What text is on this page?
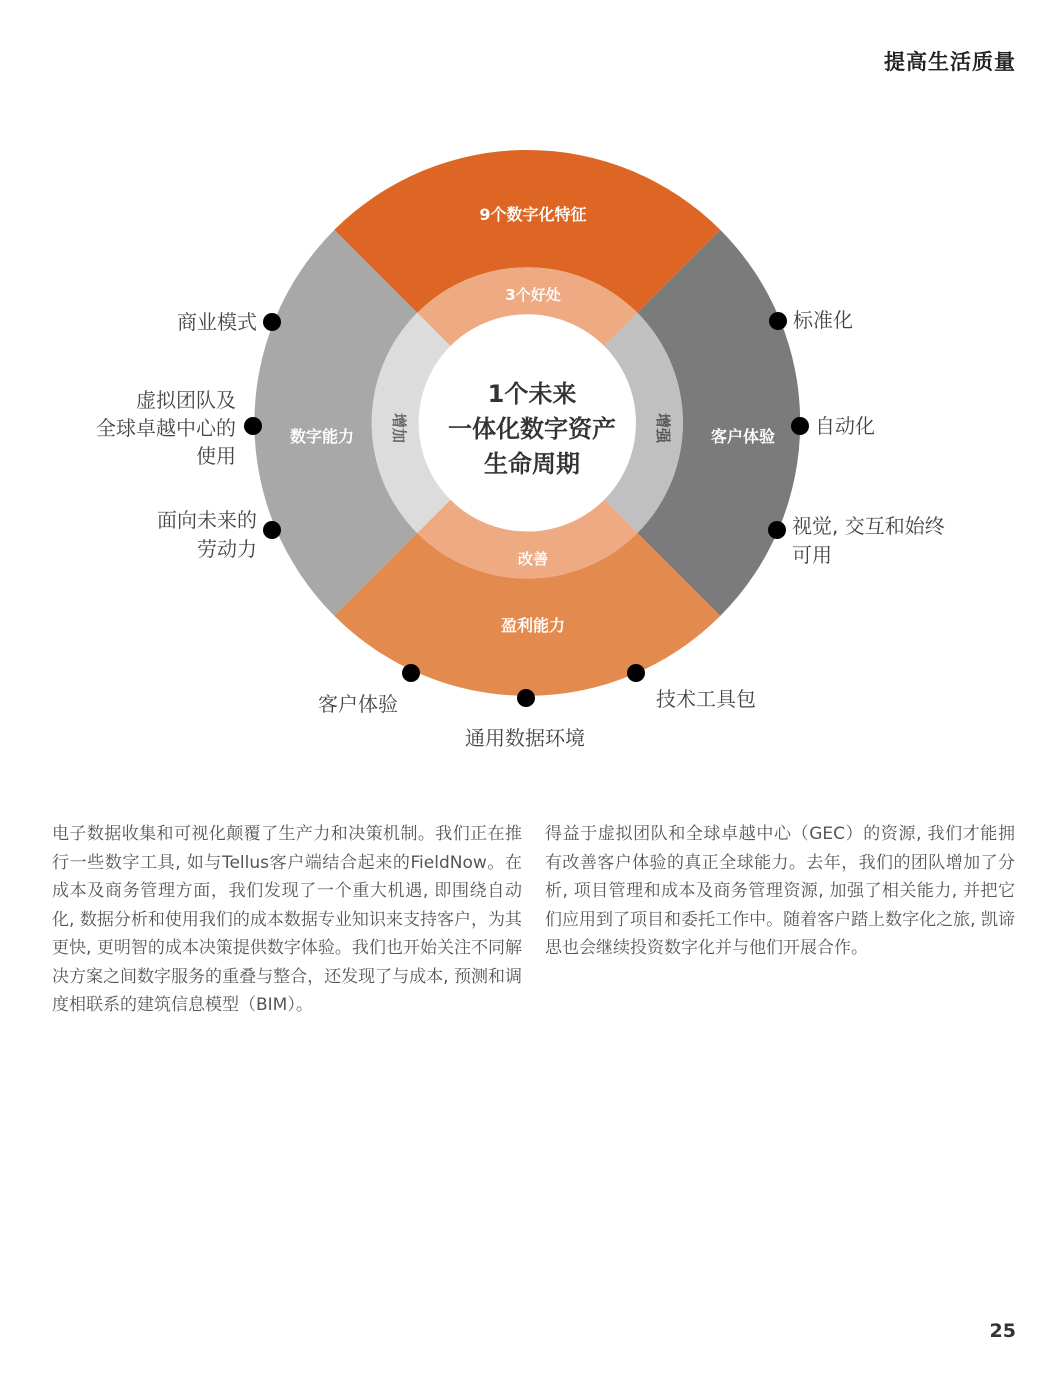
提高生活质量
1个未来
一体化数字资产
生命周期
9个数字化特征
盈利能力
数字能力	客户体验
3个好处
改善
增加	增强
商业模式
虚拟团队及
全球卓越中心的
使用
面向未来的
劳动力
标准化
自动化
视觉, 交互和始终
可用
客户体验
通用数据环境
技术工具包
电子数据收集和可视化颠覆了生产力和决策机制。我们正在推行一些数字工具, 如与Tellus客户端结合起来的FieldNow。在成本及商务管理方面，我们发现了一个重大机遇, 即围绕自动化, 数据分析和使用我们的成本数据专业知识来支持客户，为其更快, 更明智的成本决策提供数字体验。我们也开始关注不同解决方案之间数字服务的重叠与整合，还发现了与成本, 预测和调度相联系的建筑信息模型（BIM）。
得益于虚拟团队和全球卓越中心（GEC）的资源, 我们才能拥有改善客户体验的真正全球能力。去年，我们的团队增加了分析, 项目管理和成本及商务管理资源, 加强了相关能力, 并把它们应用到了项目和委托工作中。随着客户踏上数字化之旅, 凯谛思也会继续投资数字化并与他们开展合作。
25
